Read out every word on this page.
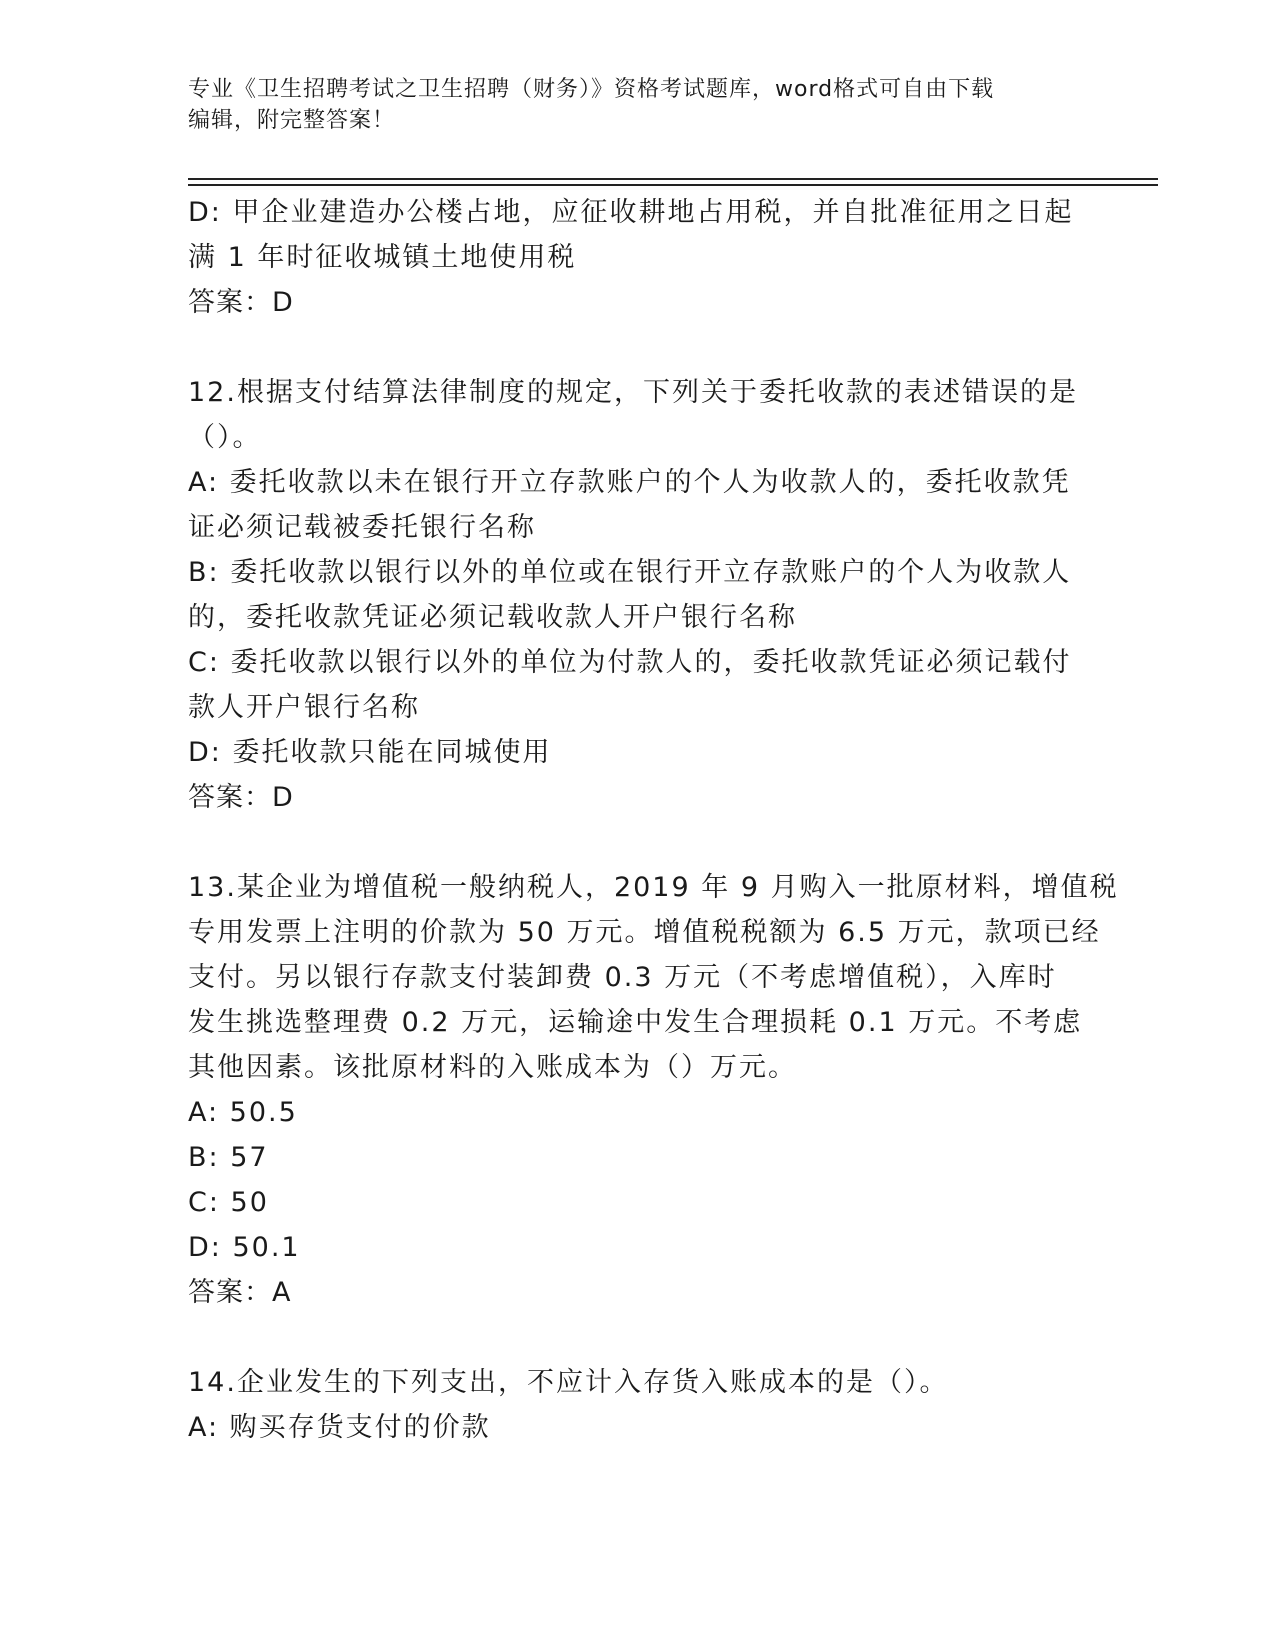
专业《卫生招聘考试之卫生招聘（财务）》资格考试题库，word格式可自由下载
编辑，附完整答案！
D: 甲企业建造办公楼占地，应征收耕地占用税，并自批准征用之日起
满 1 年时征收城镇土地使用税
答案：D
12.根据支付结算法律制度的规定，下列关于委托收款的表述错误的是
（）。
A: 委托收款以未在银行开立存款账户的个人为收款人的，委托收款凭
证必须记载被委托银行名称
B: 委托收款以银行以外的单位或在银行开立存款账户的个人为收款人
的，委托收款凭证必须记载收款人开户银行名称
C: 委托收款以银行以外的单位为付款人的，委托收款凭证必须记载付
款人开户银行名称
D: 委托收款只能在同城使用
答案：D
13.某企业为增值税一般纳税人，2019 年 9 月购入一批原材料，增值税
专用发票上注明的价款为 50 万元。增值税税额为 6.5 万元，款项已经
支付。另以银行存款支付装卸费 0.3 万元（不考虑增值税），入库时
发生挑选整理费 0.2 万元，运输途中发生合理损耗 0.1 万元。不考虑
其他因素。该批原材料的入账成本为（）万元。
A: 50.5
B: 57
C: 50
D: 50.1
答案：A
14.企业发生的下列支出，不应计入存货入账成本的是（）。
A: 购买存货支付的价款
